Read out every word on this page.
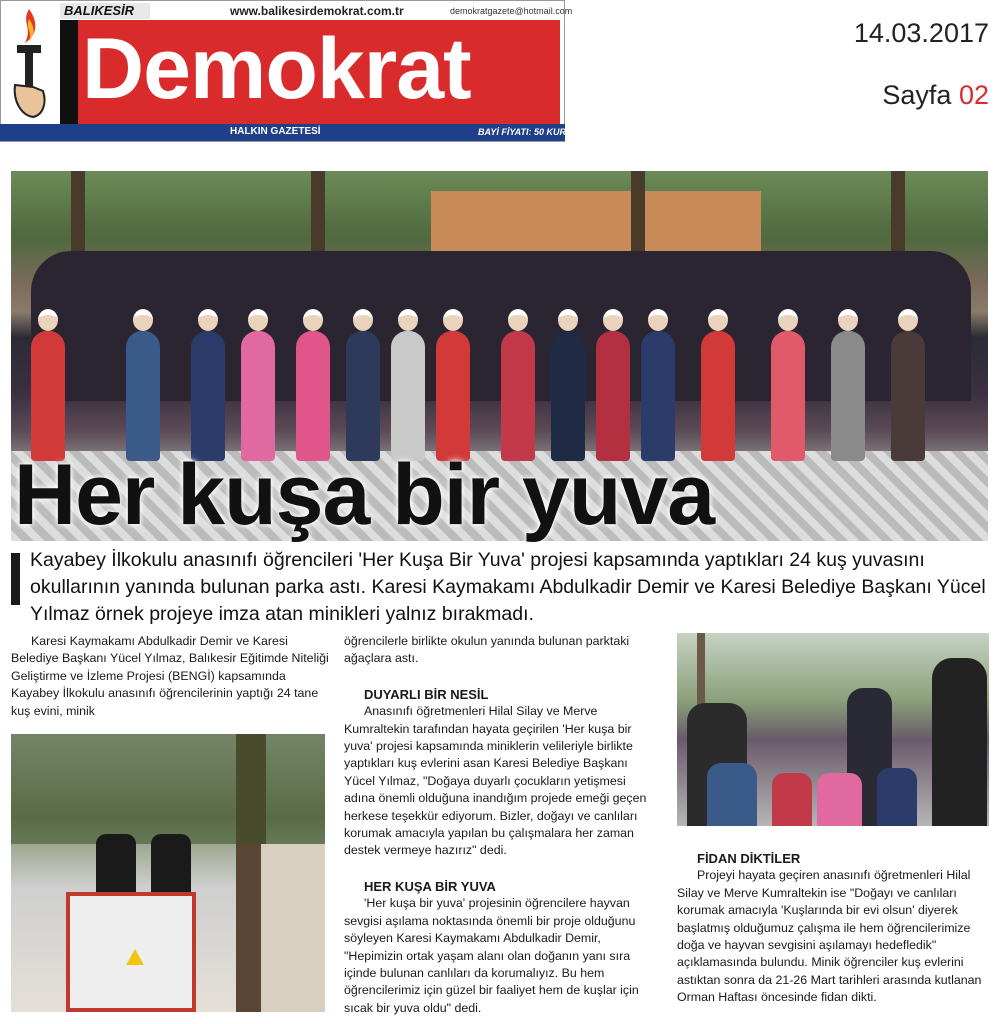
BALIKESİR	www.balikesirdemokrat.com.tr	demokratgazete@hotmail.com
Demokrat
HALKIN GAZETESİ	BAYİ FİYATI: 50 KURUŞ
14.03.2017
Sayfa 02
Her kuşa bir yuva
Kayabey İlkokulu anasınıfı öğrencileri 'Her Kuşa Bir Yuva' projesi kapsamında yaptıkları 24 kuş yuvasını okullarının yanında bulunan parka astı. Karesi Kaymakamı Abdulkadir Demir ve Karesi Belediye Başkanı Yücel Yılmaz örnek projeye imza atan minikleri yalnız bırakmadı.

Karesi Kaymakamı Abdulkadir Demir ve Karesi Belediye Başkanı Yücel Yılmaz, Balıkesir Eğitimde Niteliği Geliştirme ve İzleme Projesi (BENGİ) kapsamında Kayabey İlkokulu anasınıfı öğrencilerinin yaptığı 24 tane kuş evini, minik

öğrencilerle birlikte okulun yanında bulunan parktaki ağaçlara astı.

DUYARLI BİR NESİL

Anasınıfı öğretmenleri Hilal Silay ve Merve Kumraltekin tarafından hayata geçirilen 'Her kuşa bir yuva' projesi kapsamında miniklerin velileriyle birlikte yaptıkları kuş evlerini asan Karesi Belediye Başkanı Yücel Yılmaz, "Doğaya duyarlı çocukların yetişmesi adına önemli olduğuna inandığım projede emeği geçen herkese teşekkür ediyorum. Bizler, doğayı ve canlıları korumak amacıyla yapılan bu çalışmalara her zaman destek vermeye hazırız" dedi.

HER KUŞA BİR YUVA

'Her kuşa bir yuva' projesinin öğrencilere hayvan sevgisi aşılama noktasında önemli bir proje olduğunu söyleyen Karesi Kaymakamı Abdulkadir Demir, "Hepimizin ortak yaşam alanı olan doğanın yanı sıra içinde bulunan canlıları da korumalıyız. Bu hem öğrencilerimiz için güzel bir faaliyet hem de kuşlar için sıcak bir yuva oldu" dedi.

FİDAN DİKTİLER

Projeyi hayata geçiren anasınıfı öğretmenleri Hilal Silay ve Merve Kumraltekin ise "Doğayı ve canlıları korumak amacıyla 'Kuşlarında bir evi olsun' diyerek başlatmış olduğumuz çalışma ile hem öğrencilerimize doğa ve hayvan sevgisini aşılamayı hedefledik" açıklamasında bulundu. Minik öğrenciler kuş evlerini astıktan sonra da 21-26 Mart tarihleri arasında kutlanan Orman Haftası öncesinde fidan dikti.
